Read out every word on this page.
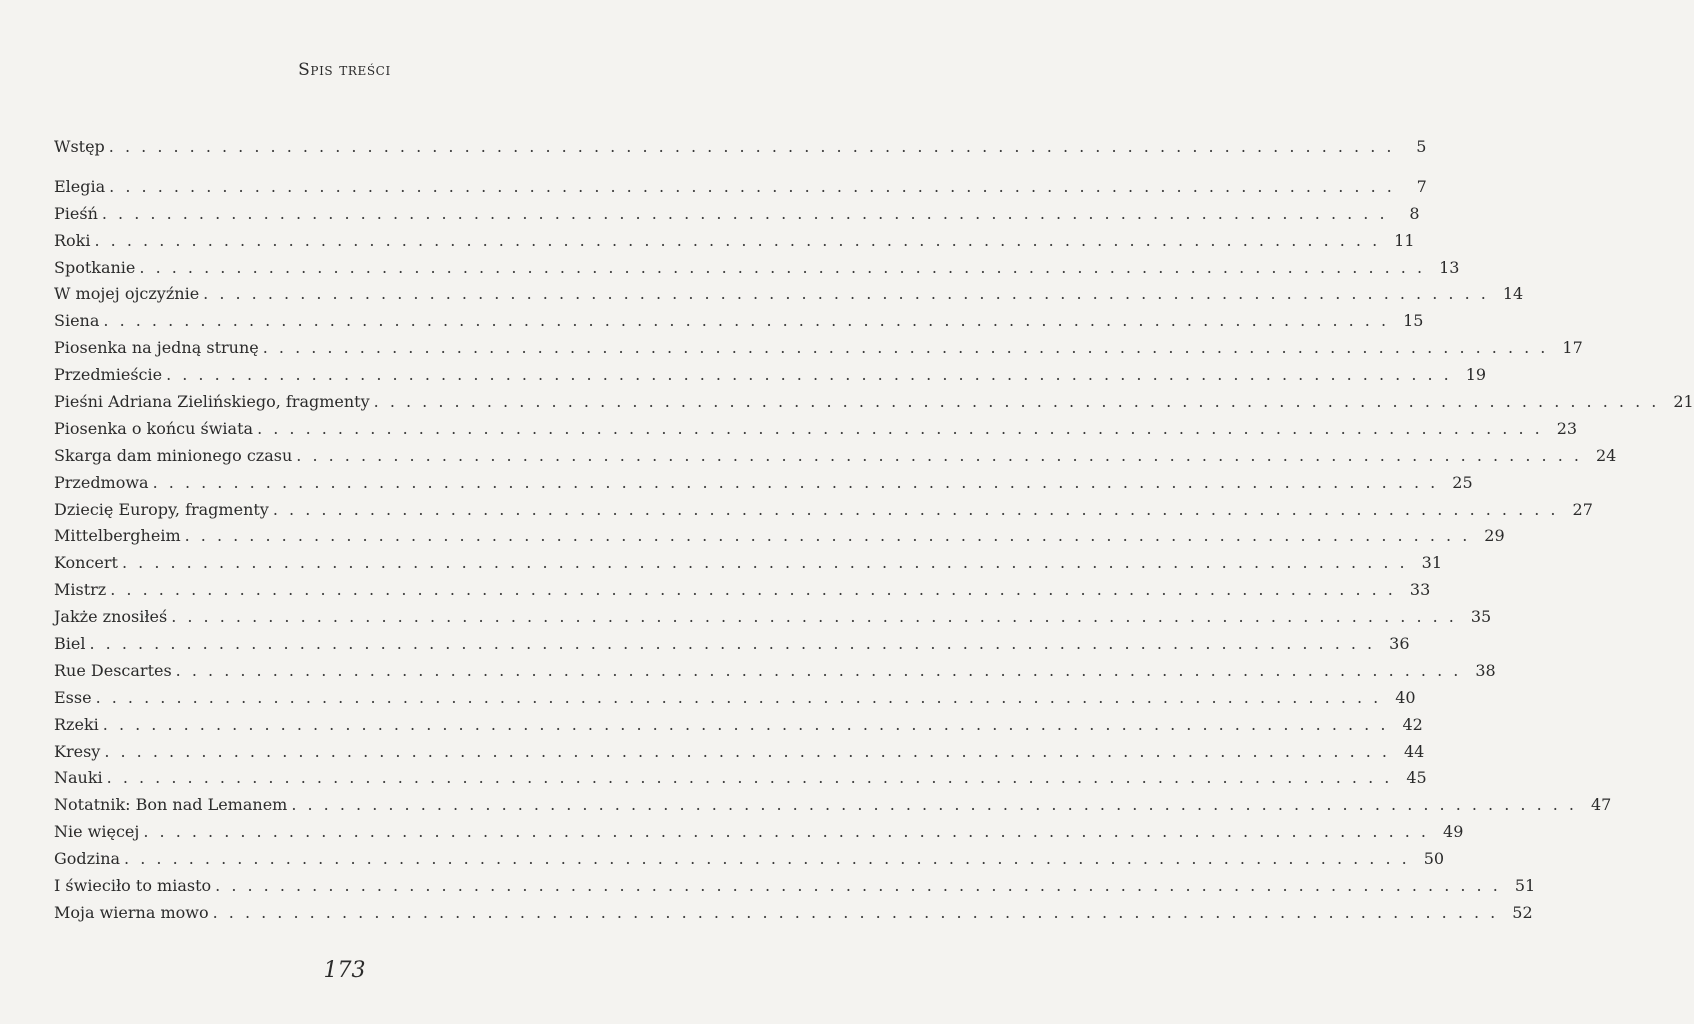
Spis treści
Wstęp . . . . . . . . . . . . . . . . . . . . . . . . . . . . . . . . . . . . . . . . . . . . . . . . . . . . . . . . . . . . . . . . . . . . . . . . . . . . . . . .	5
Elegia . . . . . . . . . . . . . . . . . . . . . . . . . . . . . . . . . . . . . . . . . . . . . . . . . . . . . . . . . . . . . . . . . . . . . . . . . . . . . . . .	7
Pieśń . . . . . . . . . . . . . . . . . . . . . . . . . . . . . . . . . . . . . . . . . . . . . . . . . . . . . . . . . . . . . . . . . . . . . . . . . . . . . . . .	8
Roki . . . . . . . . . . . . . . . . . . . . . . . . . . . . . . . . . . . . . . . . . . . . . . . . . . . . . . . . . . . . . . . . . . . . . . . . . . . . . . . . 11
Spotkanie . . . . . . . . . . . . . . . . . . . . . . . . . . . . . . . . . . . . . . . . . . . . . . . . . . . . . . . . . . . . . . . . . . . . . . . . . . . . . . . . 13
W mojej ojczyźnie . . . . . . . . . . . . . . . . . . . . . . . . . . . . . . . . . . . . . . . . . . . . . . . . . . . . . . . . . . . . . . . . . . . . . . . . . . . . . . . . 14
Siena . . . . . . . . . . . . . . . . . . . . . . . . . . . . . . . . . . . . . . . . . . . . . . . . . . . . . . . . . . . . . . . . . . . . . . . . . . . . . . . . 15
Piosenka na jedną strunę . . . . . . . . . . . . . . . . . . . . . . . . . . . . . . . . . . . . . . . . . . . . . . . . . . . . . . . . . . . . . . . . . . . . . . . . . . . . . . . . 17
Przedmieście . . . . . . . . . . . . . . . . . . . . . . . . . . . . . . . . . . . . . . . . . . . . . . . . . . . . . . . . . . . . . . . . . . . . . . . . . . . . . . . . 19
Pieśni Adriana Zielińskiego, fragmenty . . . . . . . . . . . . . . . . . . . . . . . . . . . . . . . . . . . . . . . . . . . . . . . . . . . . . . . . . . . . . . . . . . . . . . . . . . . . . . . . 21
Piosenka o końcu świata . . . . . . . . . . . . . . . . . . . . . . . . . . . . . . . . . . . . . . . . . . . . . . . . . . . . . . . . . . . . . . . . . . . . . . . . . . . . . . . . 23
Skarga dam minionego czasu . . . . . . . . . . . . . . . . . . . . . . . . . . . . . . . . . . . . . . . . . . . . . . . . . . . . . . . . . . . . . . . . . . . . . . . . . . . . . . . . 24
Przedmowa . . . . . . . . . . . . . . . . . . . . . . . . . . . . . . . . . . . . . . . . . . . . . . . . . . . . . . . . . . . . . . . . . . . . . . . . . . . . . . . . 25
Dziecię Europy, fragmenty . . . . . . . . . . . . . . . . . . . . . . . . . . . . . . . . . . . . . . . . . . . . . . . . . . . . . . . . . . . . . . . . . . . . . . . . . . . . . . . . 27
Mittelbergheim . . . . . . . . . . . . . . . . . . . . . . . . . . . . . . . . . . . . . . . . . . . . . . . . . . . . . . . . . . . . . . . . . . . . . . . . . . . . . . . . 29
Koncert . . . . . . . . . . . . . . . . . . . . . . . . . . . . . . . . . . . . . . . . . . . . . . . . . . . . . . . . . . . . . . . . . . . . . . . . . . . . . . . . 31
Mistrz . . . . . . . . . . . . . . . . . . . . . . . . . . . . . . . . . . . . . . . . . . . . . . . . . . . . . . . . . . . . . . . . . . . . . . . . . . . . . . . . 33
Jakże znosiłeś . . . . . . . . . . . . . . . . . . . . . . . . . . . . . . . . . . . . . . . . . . . . . . . . . . . . . . . . . . . . . . . . . . . . . . . . . . . . . . . . 35
Biel . . . . . . . . . . . . . . . . . . . . . . . . . . . . . . . . . . . . . . . . . . . . . . . . . . . . . . . . . . . . . . . . . . . . . . . . . . . . . . . . 36
Rue Descartes . . . . . . . . . . . . . . . . . . . . . . . . . . . . . . . . . . . . . . . . . . . . . . . . . . . . . . . . . . . . . . . . . . . . . . . . . . . . . . . . 38
Esse . . . . . . . . . . . . . . . . . . . . . . . . . . . . . . . . . . . . . . . . . . . . . . . . . . . . . . . . . . . . . . . . . . . . . . . . . . . . . . . . 40
Rzeki . . . . . . . . . . . . . . . . . . . . . . . . . . . . . . . . . . . . . . . . . . . . . . . . . . . . . . . . . . . . . . . . . . . . . . . . . . . . . . . . 42
Kresy . . . . . . . . . . . . . . . . . . . . . . . . . . . . . . . . . . . . . . . . . . . . . . . . . . . . . . . . . . . . . . . . . . . . . . . . . . . . . . . . 44
Nauki . . . . . . . . . . . . . . . . . . . . . . . . . . . . . . . . . . . . . . . . . . . . . . . . . . . . . . . . . . . . . . . . . . . . . . . . . . . . . . . . 45
Notatnik: Bon nad Lemanem . . . . . . . . . . . . . . . . . . . . . . . . . . . . . . . . . . . . . . . . . . . . . . . . . . . . . . . . . . . . . . . . . . . . . . . . . . . . . . . . 47
Nie więcej . . . . . . . . . . . . . . . . . . . . . . . . . . . . . . . . . . . . . . . . . . . . . . . . . . . . . . . . . . . . . . . . . . . . . . . . . . . . . . . . 49
Godzina . . . . . . . . . . . . . . . . . . . . . . . . . . . . . . . . . . . . . . . . . . . . . . . . . . . . . . . . . . . . . . . . . . . . . . . . . . . . . . . . 50
I świeciło to miasto . . . . . . . . . . . . . . . . . . . . . . . . . . . . . . . . . . . . . . . . . . . . . . . . . . . . . . . . . . . . . . . . . . . . . . . . . . . . . . . . 51
Moja wierna mowo . . . . . . . . . . . . . . . . . . . . . . . . . . . . . . . . . . . . . . . . . . . . . . . . . . . . . . . . . . . . . . . . . . . . . . . . . . . . . . . . 52
173
